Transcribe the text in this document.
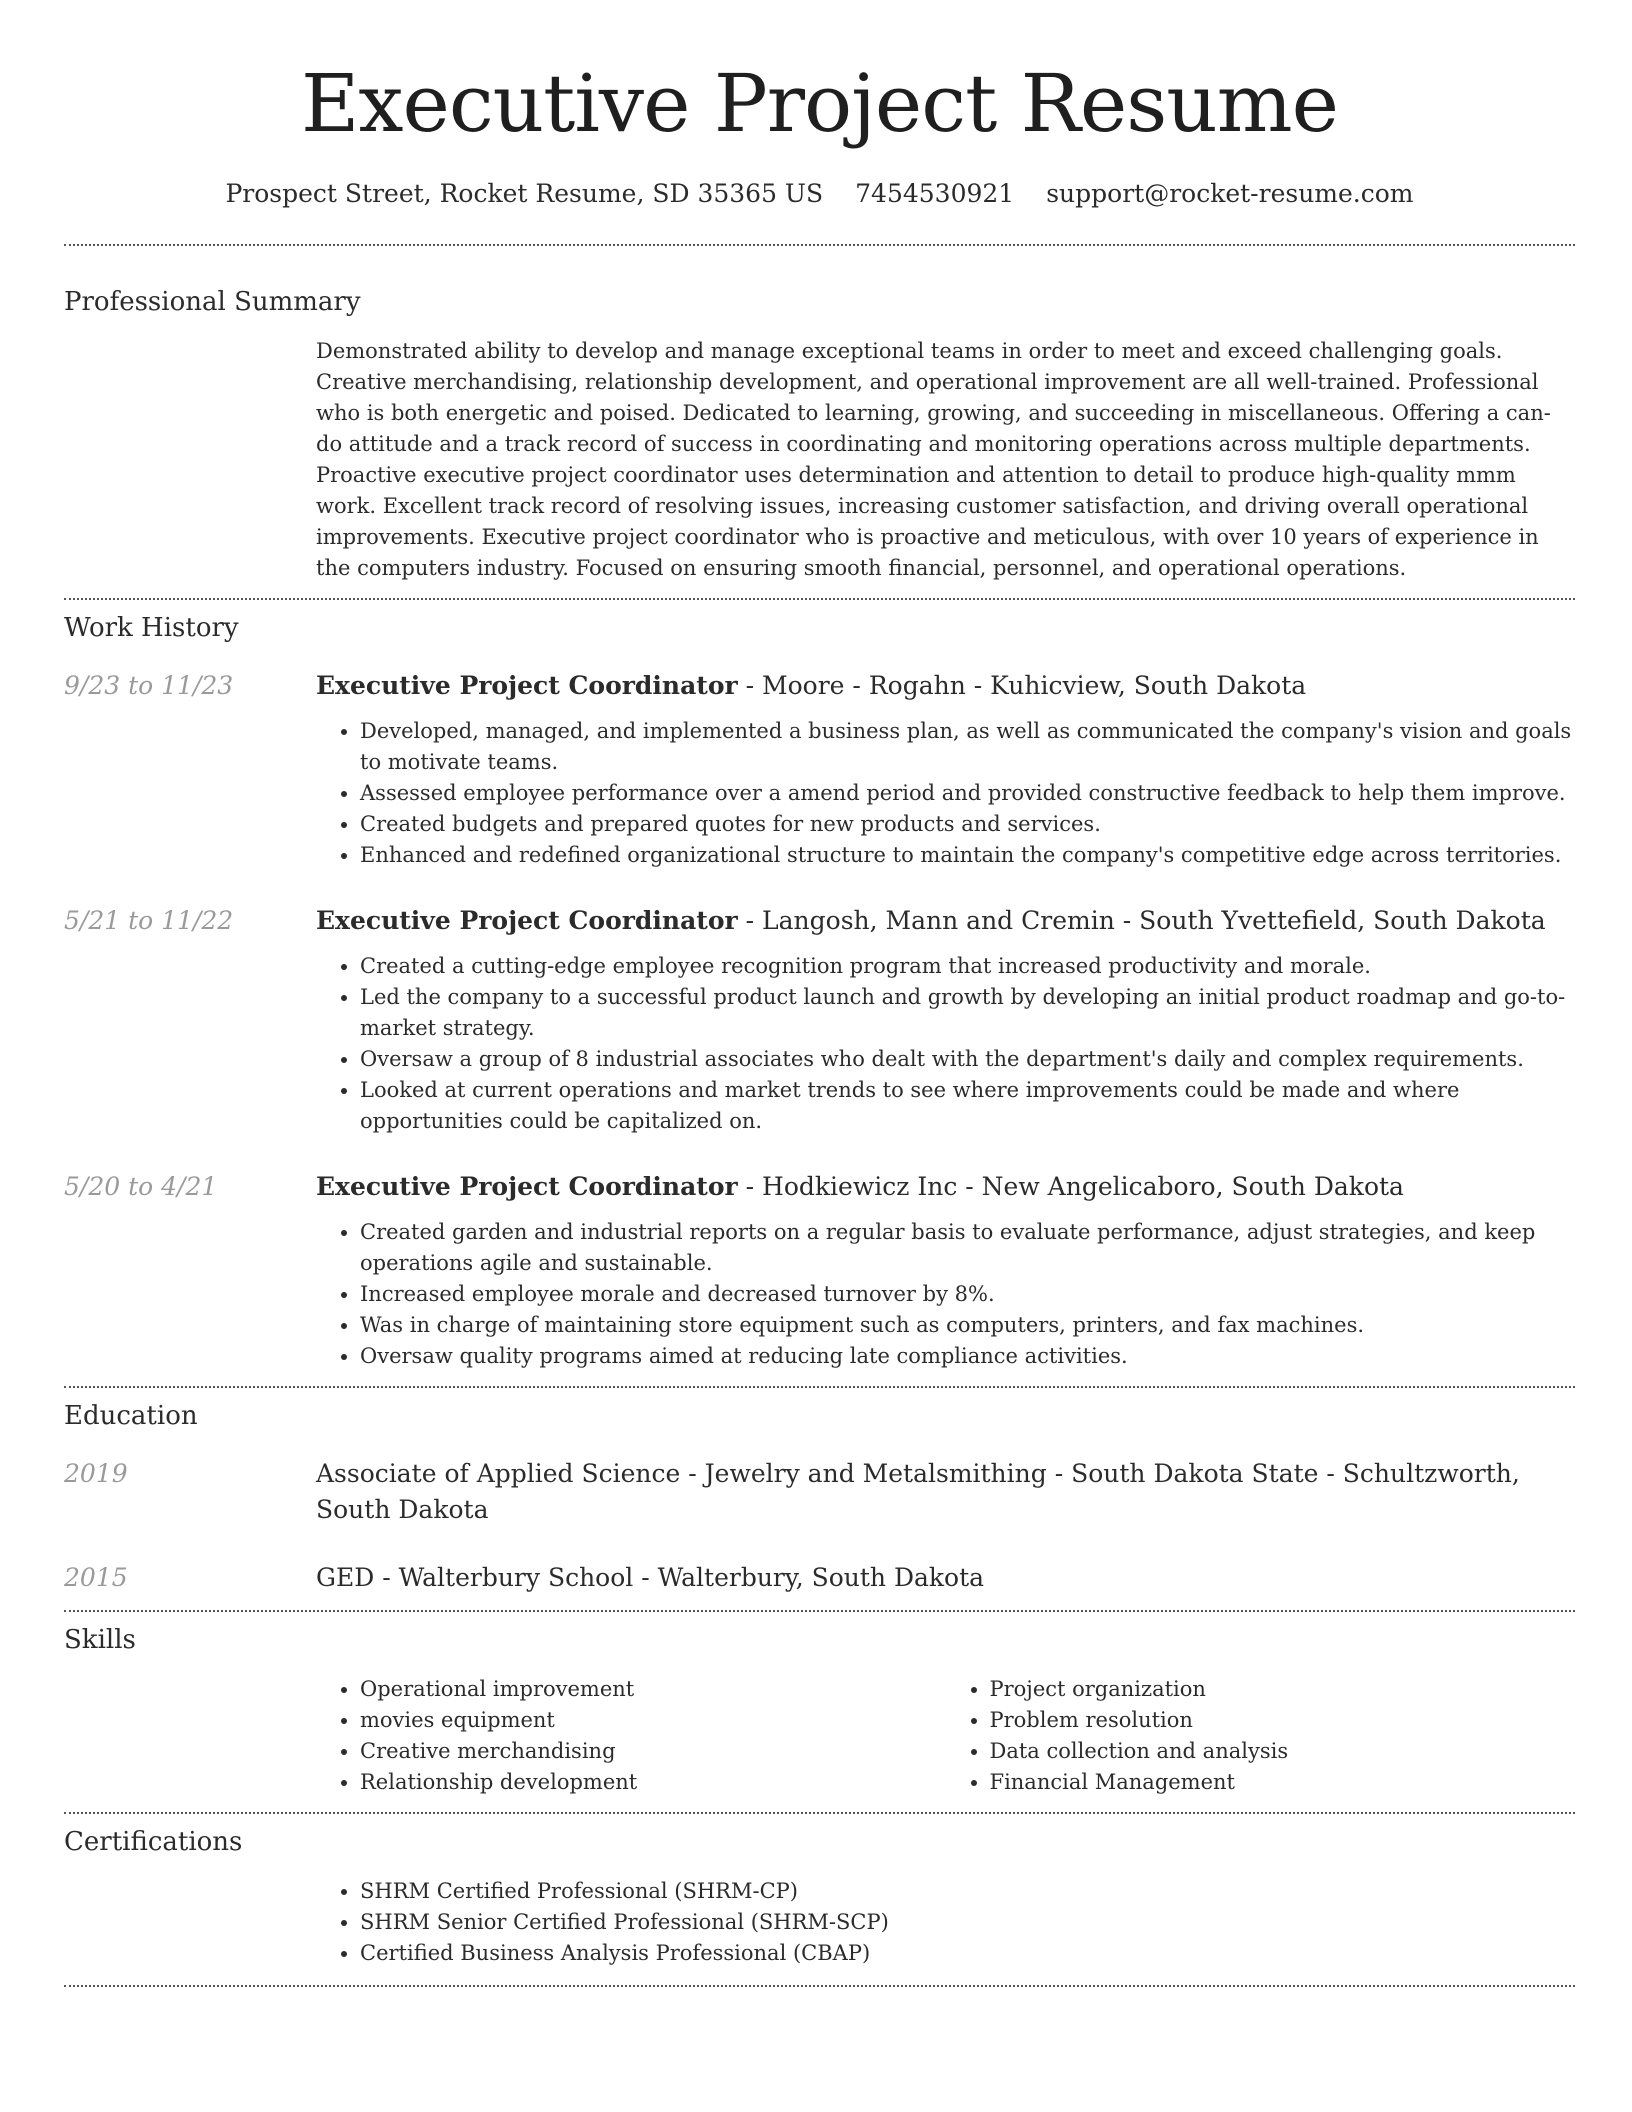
Executive Project Resume
Prospect Street, Rocket Resume, SD 35365 US 7454530921 support@rocket-resume.com
Professional Summary

Demonstrated ability to develop and manage exceptional teams in order to meet and exceed challenging goals. Creative merchandising, relationship development, and operational improvement are all well-trained. Professional who is both energetic and poised. Dedicated to learning, growing, and succeeding in miscellaneous. Offering a can-do attitude and a track record of success in coordinating and monitoring operations across multiple departments. Proactive executive project coordinator uses determination and attention to detail to produce high-quality mmm work. Excellent track record of resolving issues, increasing customer satisfaction, and driving overall operational improvements. Executive project coordinator who is proactive and meticulous, with over 10 years of experience in the computers industry. Focused on ensuring smooth financial, personnel, and operational operations.

Work History
9/23 to 11/23	Executive Project Coordinator - Moore - Rogahn - Kuhicview, South Dakota
• Developed, managed, and implemented a business plan, as well as communicated the company's vision and goals to motivate teams.
• Assessed employee performance over a amend period and provided constructive feedback to help them improve.
• Created budgets and prepared quotes for new products and services.
• Enhanced and redefined organizational structure to maintain the company's competitive edge across territories.
5/21 to 11/22	Executive Project Coordinator - Langosh, Mann and Cremin - South Yvettefield, South Dakota
• Created a cutting-edge employee recognition program that increased productivity and morale.
• Led the company to a successful product launch and growth by developing an initial product roadmap and go-to-market strategy.
• Oversaw a group of 8 industrial associates who dealt with the department's daily and complex requirements.
• Looked at current operations and market trends to see where improvements could be made and where opportunities could be capitalized on.
5/20 to 4/21	Executive Project Coordinator - Hodkiewicz Inc - New Angelicaboro, South Dakota
• Created garden and industrial reports on a regular basis to evaluate performance, adjust strategies, and keep operations agile and sustainable.
• Increased employee morale and decreased turnover by 8%.
• Was in charge of maintaining store equipment such as computers, printers, and fax machines.
• Oversaw quality programs aimed at reducing late compliance activities.
Education
2019	Associate of Applied Science - Jewelry and Metalsmithing - South Dakota State - Schultzworth, South Dakota
2015	GED - Walterbury School - Walterbury, South Dakota
Skills
• Operational improvement
• movies equipment
• Creative merchandising
• Relationship development
• Project organization
• Problem resolution
• Data collection and analysis
• Financial Management
Certifications
• SHRM Certified Professional (SHRM-CP)
• SHRM Senior Certified Professional (SHRM-SCP)
• Certified Business Analysis Professional (CBAP)
